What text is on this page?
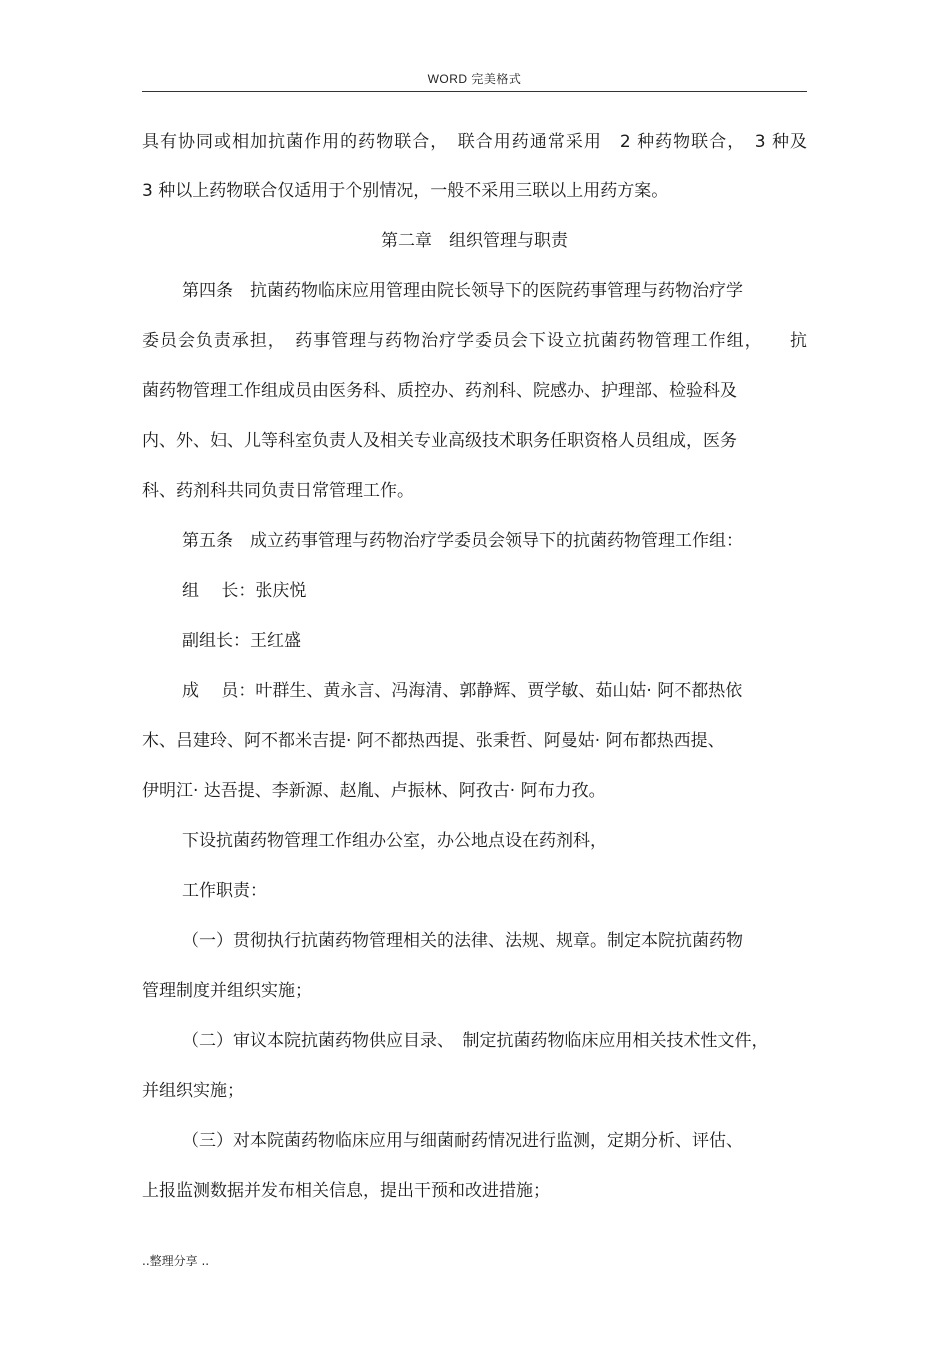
WORD 完美格式
具有协同或相加抗菌作用的药物联合，　联合用药通常采用　2 种药物联合，　3 种及
3 种以上药物联合仅适用于个别情况，一般不采用三联以上用药方案。
第二章　组织管理与职责
第四条　抗菌药物临床应用管理由院长领导下的医院药事管理与药物治疗学
委员会负责承担，　药事管理与药物治疗学委员会下设立抗菌药物管理工作组，　　抗
菌药物管理工作组成员由医务科、质控办、药剂科、院感办、护理部、检验科及
内、外、妇、儿等科室负责人及相关专业高级技术职务任职资格人员组成，医务
科、药剂科共同负责日常管理工作。
第五条　成立药事管理与药物治疗学委员会领导下的抗菌药物管理工作组：
组　 长：张庆悦
副组长：王红盛
成　 员：叶群生、黄永言、冯海清、郭静辉、贾学敏、茹山姑· 阿不都热依
木、吕建玲、阿不都米吉提· 阿不都热西提、张秉哲、阿曼姑· 阿布都热西提、
伊明江· 达吾提、李新源、赵胤、卢振林、阿孜古· 阿布力孜。
下设抗菌药物管理工作组办公室，办公地点设在药剂科，
工作职责：
（一）贯彻执行抗菌药物管理相关的法律、法规、规章。制定本院抗菌药物
管理制度并组织实施；
（二）审议本院抗菌药物供应目录、　制定抗菌药物临床应用相关技术性文件，
并组织实施；
（三）对本院菌药物临床应用与细菌耐药情况进行监测，定期分析、评估、
上报监测数据并发布相关信息，提出干预和改进措施；
..整理分享 ..
